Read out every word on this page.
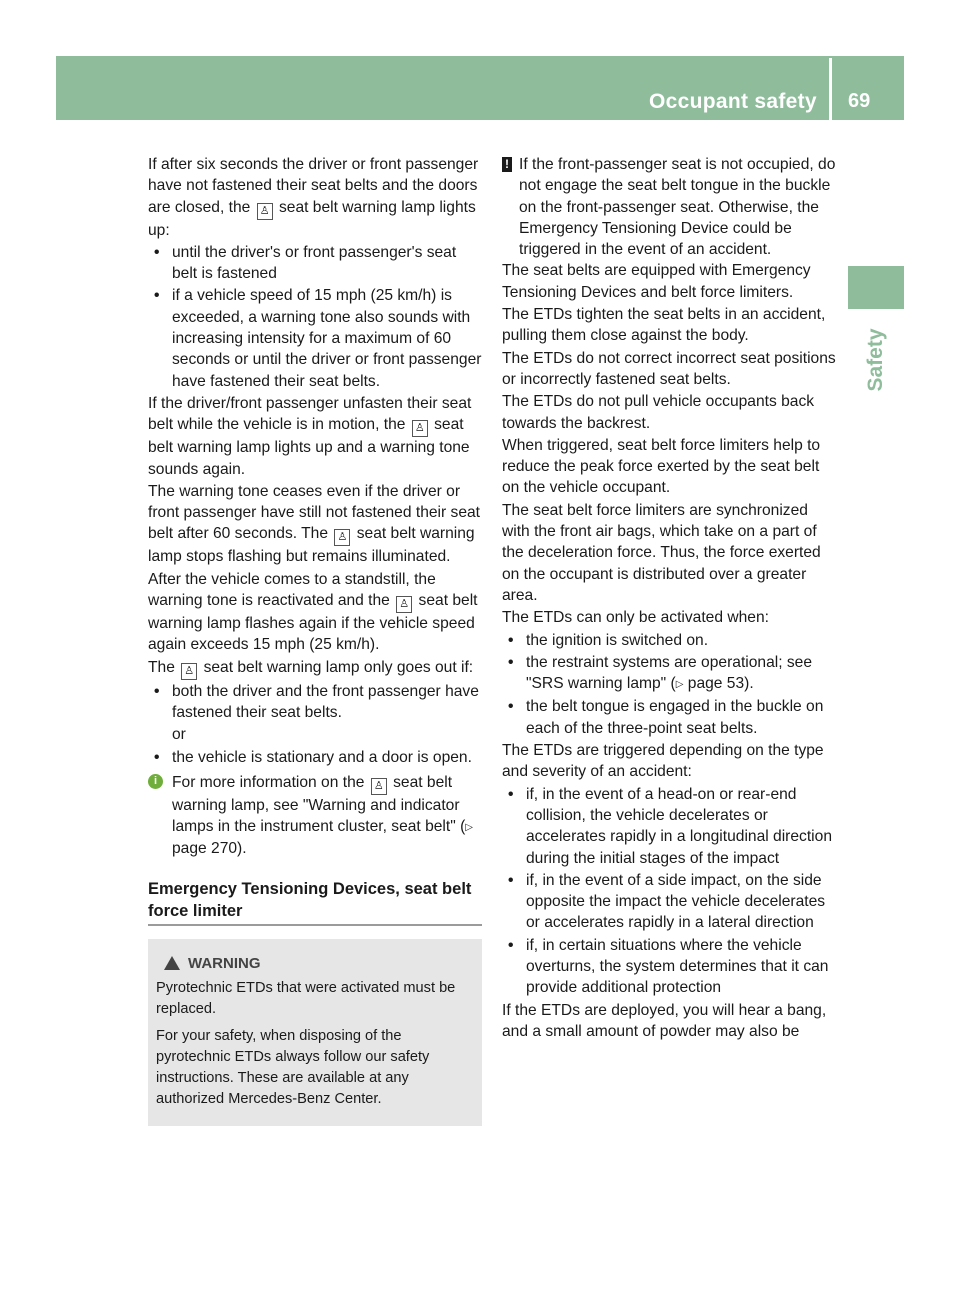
Occupant safety 69
Safety

If after six seconds the driver or front passenger have not fastened their seat belts and the doors are closed, the ♙ seat belt warning lamp lights up:

• until the driver's or front passenger's seat belt is fastened
• if a vehicle speed of 15 mph (25 km/h) is exceeded, a warning tone also sounds with increasing intensity for a maximum of 60 seconds or until the driver or front passenger have fastened their seat belts.

If the driver/front passenger unfasten their seat belt while the vehicle is in motion, the ♙ seat belt warning lamp lights up and a warning tone sounds again.

The warning tone ceases even if the driver or front passenger have still not fastened their seat belt after 60 seconds. The ♙ seat belt warning lamp stops flashing but remains illuminated.

After the vehicle comes to a standstill, the warning tone is reactivated and the ♙ seat belt warning lamp flashes again if the vehicle speed again exceeds 15 mph (25 km/h).

The ♙ seat belt warning lamp only goes out if:

• both the driver and the front passenger have fastened their seat belts.

or

• the vehicle is stationary and a door is open.
i For more information on the ♙ seat belt warning lamp, see "Warning and indicator lamps in the instrument cluster, seat belt" (▷ page 270).
Emergency Tensioning Devices, seat belt force limiter
WARNING

Pyrotechnic ETDs that were activated must be replaced.

For your safety, when disposing of the pyrotechnic ETDs always follow our safety instructions. These are available at any authorized Mercedes-Benz Center.

! If the front-passenger seat is not occupied, do not engage the seat belt tongue in the buckle on the front-passenger seat. Otherwise, the Emergency Tensioning Device could be triggered in the event of an accident.

The seat belts are equipped with Emergency Tensioning Devices and belt force limiters.

The ETDs tighten the seat belts in an accident, pulling them close against the body.

The ETDs do not correct incorrect seat positions or incorrectly fastened seat belts.

The ETDs do not pull vehicle occupants back towards the backrest.

When triggered, seat belt force limiters help to reduce the peak force exerted by the seat belt on the vehicle occupant.

The seat belt force limiters are synchronized with the front air bags, which take on a part of the deceleration force. Thus, the force exerted on the occupant is distributed over a greater area.

The ETDs can only be activated when:

• the ignition is switched on.
• the restraint systems are operational; see "SRS warning lamp" (▷ page 53).
• the belt tongue is engaged in the buckle on each of the three-point seat belts.

The ETDs are triggered depending on the type and severity of an accident:

• if, in the event of a head-on or rear-end collision, the vehicle decelerates or accelerates rapidly in a longitudinal direction during the initial stages of the impact
• if, in the event of a side impact, on the side opposite the impact the vehicle decelerates or accelerates rapidly in a lateral direction
• if, in certain situations where the vehicle overturns, the system determines that it can provide additional protection

If the ETDs are deployed, you will hear a bang, and a small amount of powder may also be
